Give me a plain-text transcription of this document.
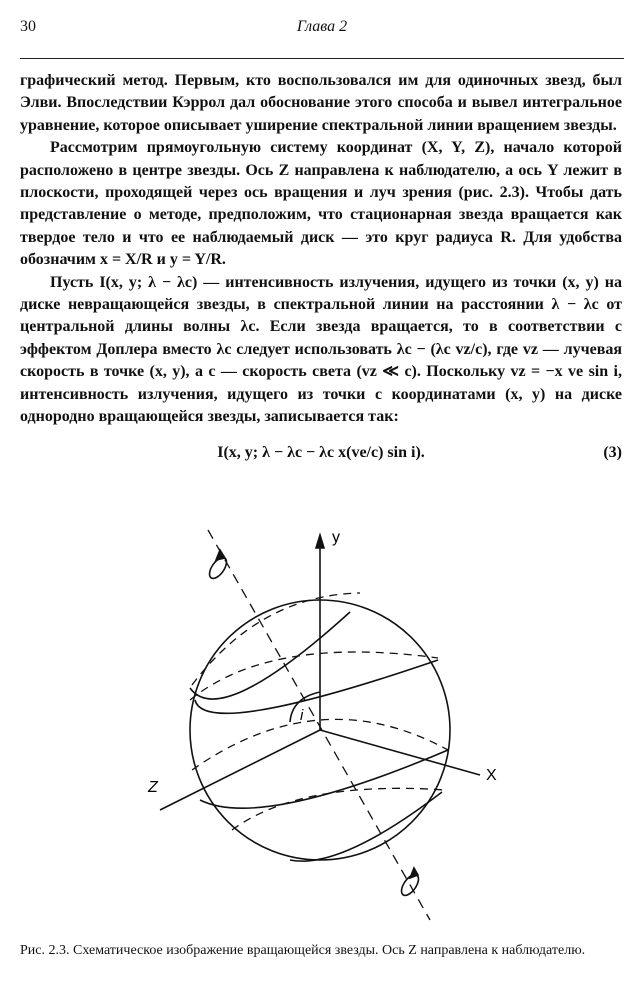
30	Глава 2

графический метод. Первым, кто воспользовался им для одиночных звезд, был Элви. Впоследствии Кэррол дал обоснование этого способа и вывел интегральное уравнение, которое описывает уширение спектральной линии вращением звезды.

Рассмотрим прямоугольную систему координат (X, Y, Z), начало которой расположено в центре звезды. Ось Z направлена к наблюдателю, а ось Y лежит в плоскости, проходящей через ось вращения и луч зрения (рис. 2.3). Чтобы дать представление о методе, предположим, что стационарная звезда вращается как твердое тело и что ее наблюдаемый диск — это круг радиуса R. Для удобства обозначим x = X/R и y = Y/R.

Пусть I(x, y; λ − λc) — интенсивность излучения, идущего из точки (x, y) на диске невращающейся звезды, в спектральной линии на расстоянии λ − λc от центральной длины волны λc. Если звезда вращается, то в соответствии с эффектом Доплера вместо λc следует использовать λc − (λc vz/c), где vz — лучевая скорость в точке (x, y), а c — скорость света (vz ≪ c). Поскольку vz = −x ve sin i, интенсивность излучения, идущего из точки с координатами (x, y) на диске однородно вращающейся звезды, записывается так:

I(x, y; λ − λc − λc x(ve/c) sin i).	(3)
y
X
Z
i
Рис. 2.3. Схематическое изображение вращающейся звезды. Ось Z направлена к наблюдателю.
